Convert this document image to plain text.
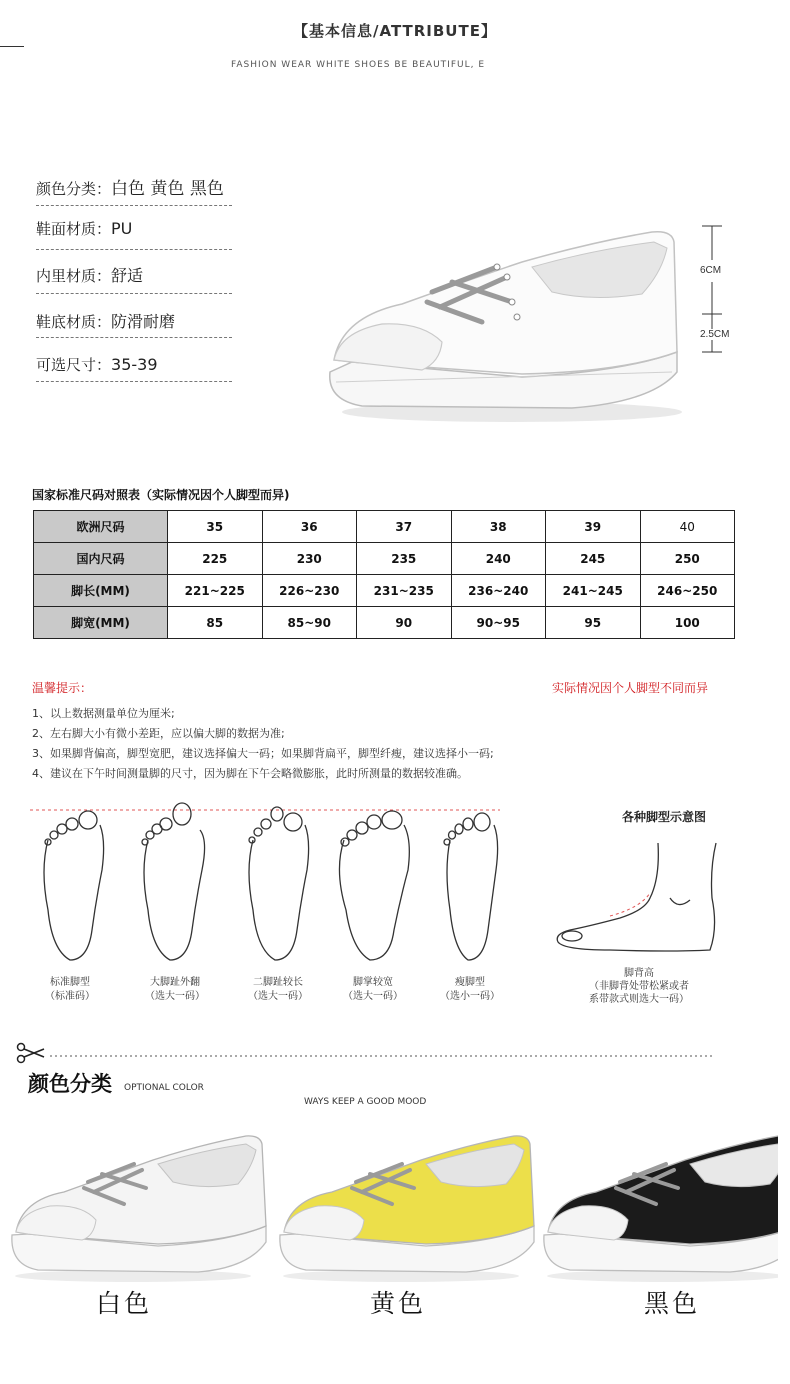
【基本信息/ATTRIBUTE】
FASHION WEAR WHITE SHOES BE BEAUTIFUL, E
颜色分类：白色 黄色 黑色
鞋面材质：PU
内里材质：舒适
鞋底材质：防滑耐磨
可选尺寸：35-39
6CM
2.5CM
国家标准尺码对照表（实际情况因个人脚型而异)
欧洲尺码	35	36	37	38	39	40
国内尺码	225	230	235	240	245	250
脚长(MM)	221~225	226~230	231~235	236~240	241~245	246~250
脚宽(MM)	85	85~90	90	90~95	95	100
温馨提示：	实际情况因个人脚型不同而异
1、以上数据测量单位为厘米;
2、左右脚大小有微小差距，应以偏大脚的数据为准;
3、如果脚背偏高，脚型宽肥，建议选择偏大一码；如果脚背扁平，脚型纤瘦，建议选择小一码;
4、建议在下午时间测量脚的尺寸，因为脚在下午会略微膨胀，此时所测量的数据较准确。
标准脚型
（标准码）
大脚趾外翻
（选大一码）
二脚趾较长
（选大一码）
脚掌较宽
（选大一码）
瘦脚型
（选小一码）
各种脚型示意图
脚背高
（非脚背处带松紧或者
系带款式则选大一码）
颜色分类 OPTIONAL COLOR
WAYS KEEP A GOOD MOOD
白色	黄色	黑色
